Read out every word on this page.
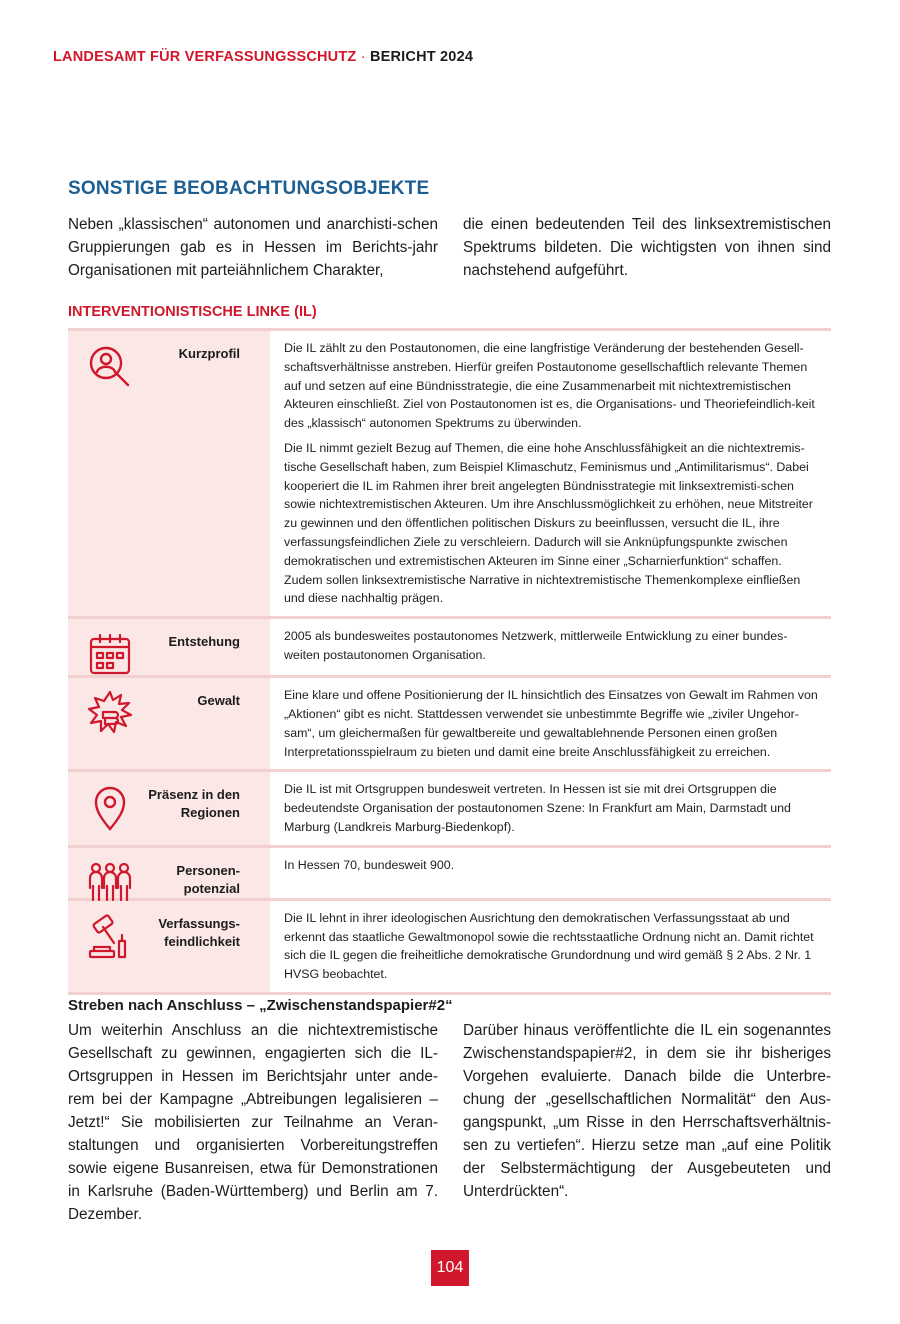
LANDESAMT FÜR VERFASSUNGSSCHUTZ · BERICHT 2024
SONSTIGE BEOBACHTUNGSOBJEKTE
Neben „klassischen“ autonomen und anarchisti-schen Gruppierungen gab es in Hessen im Berichts-jahr Organisationen mit parteiähnlichem Charakter,
die einen bedeutenden Teil des linksextremistischen Spektrums bildeten. Die wichtigsten von ihnen sind nachstehend aufgeführt.
INTERVENTIONISTISCHE LINKE (IL)
Kurzprofil		Die IL zählt zu den Postautonomen, die eine langfristige Veränderung der bestehenden Gesell-schaftsverhältnisse anstreben. Hierfür greifen Postautonome gesellschaftlich relevante Themen auf und setzen auf eine Bündnisstrategie, die eine Zusammenarbeit mit nichtextremistischen Akteuren einschließt. Ziel von Postautonomen ist es, die Organisations- und Theoriefeindlich-keit des „klassisch“ autonomen Spektrums zu überwinden.

Die IL nimmt gezielt Bezug auf Themen, die eine hohe Anschlussfähigkeit an die nichtextremis-tische Gesellschaft haben, zum Beispiel Klimaschutz, Feminismus und „Antimilitarismus“. Dabei kooperiert die IL im Rahmen ihrer breit angelegten Bündnisstrategie mit linksextremisti-schen sowie nichtextremistischen Akteuren. Um ihre Anschlussmöglichkeit zu erhöhen, neue Mitstreiter zu gewinnen und den öffentlichen politischen Diskurs zu beeinflussen, versucht die IL, ihre verfassungsfeindlichen Ziele zu verschleiern. Dadurch will sie Anknüpfungspunkte zwischen demokratischen und extremistischen Akteuren im Sinne einer „Scharnierfunktion“ schaffen. Zudem sollen linksextremistische Narrative in nichtextremistische Themenkomplexe einfließen und diese nachhaltig prägen.

Entstehung		2005 als bundesweites postautonomes Netzwerk, mittlerweile Entwicklung zu einer bundes-weiten postautonomen Organisation.

Gewalt		Eine klare und offene Positionierung der IL hinsichtlich des Einsatzes von Gewalt im Rahmen von „Aktionen“ gibt es nicht. Stattdessen verwendet sie unbestimmte Begriffe wie „ziviler Ungehor-sam“, um gleichermaßen für gewaltbereite und gewaltablehnende Personen einen großen Interpretationsspielraum zu bieten und damit eine breite Anschlussfähigkeit zu erreichen.

Präsenz in den
Regionen		Die IL ist mit Ortsgruppen bundesweit vertreten. In Hessen ist sie mit drei Ortsgruppen die bedeutendste Organisation der postautonomen Szene: In Frankfurt am Main, Darmstadt und Marburg (Landkreis Marburg-Biedenkopf).

Personen-
potenzial		In Hessen 70, bundesweit 900.

Verfassungs-
feindlichkeit		Die IL lehnt in ihrer ideologischen Ausrichtung den demokratischen Verfassungsstaat ab und erkennt das staatliche Gewaltmonopol sowie die rechtsstaatliche Ordnung nicht an. Damit richtet sich die IL gegen die freiheitliche demokratische Grundordnung und wird gemäß § 2 Abs. 2 Nr. 1 HVSG beobachtet.

Streben nach Anschluss – „Zwischenstandspapier#2“
Um weiterhin Anschluss an die nichtextremistische Gesellschaft zu gewinnen, engagierten sich die IL-Ortsgruppen in Hessen im Berichtsjahr unter ande-rem bei der Kampagne „Abtreibungen legalisieren – Jetzt!“ Sie mobilisierten zur Teilnahme an Veran-staltungen und organisierten Vorbereitungstreffen sowie eigene Busanreisen, etwa für Demonstrationen in Karlsruhe (Baden-Württemberg) und Berlin am 7. Dezember.
Darüber hinaus veröffentlichte die IL ein sogenanntes Zwischenstandspapier#2, in dem sie ihr bisheriges Vorgehen evaluierte. Danach bilde die Unterbre-chung der „gesellschaftlichen Normalität“ den Aus-gangspunkt, „um Risse in den Herrschaftsverhältnis-sen zu vertiefen“. Hierzu setze man „auf eine Politik der Selbstermächtigung der Ausgebeuteten und Unterdrückten“.
104
